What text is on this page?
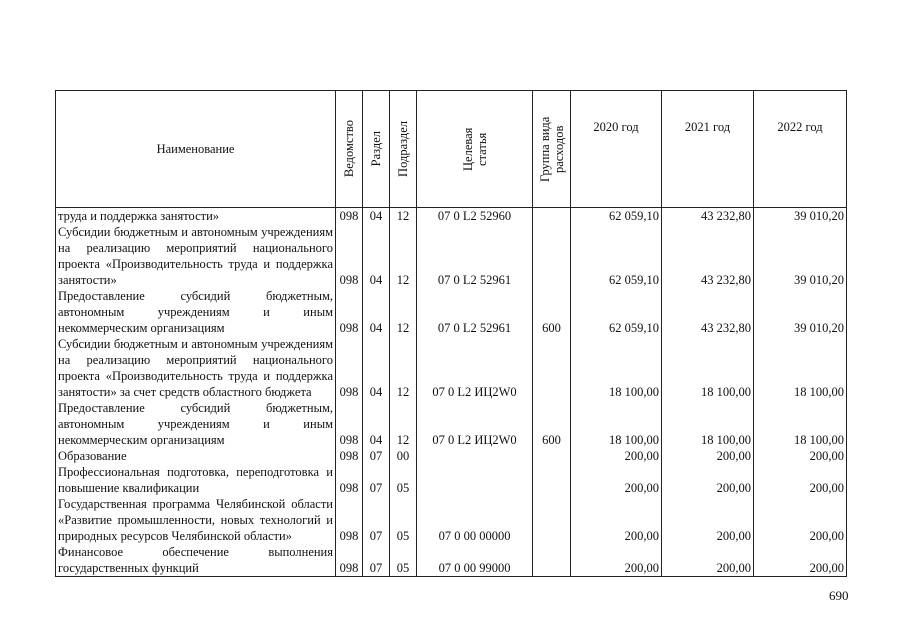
Наименование	Ведомство	Раздел	Подраздел	Целевая статья	Группа вида расходов	2020 год	2021 год	2022 год
труда и поддержка занятости»	098	04	12	07 0 L2 52960		62 059,10	43 232,80	39 010,20
Субсидии бюджетным и автономным учреждениям на реализацию мероприятий национального проекта «Производительность труда и поддержка занятости»	098	04	12	07 0 L2 52961		62 059,10	43 232,80	39 010,20
Предоставление субсидий бюджетным, автономным учреждениям и иным некоммерческим организациям	098	04	12	07 0 L2 52961	600	62 059,10	43 232,80	39 010,20
Субсидии бюджетным и автономным учреждениям на реализацию мероприятий национального проекта «Производительность труда и поддержка занятости» за счет средств областного бюджета	098	04	12	07 0 L2 ИЦ2W0		18 100,00	18 100,00	18 100,00
Предоставление субсидий бюджетным, автономным учреждениям и иным некоммерческим организациям	098	04	12	07 0 L2 ИЦ2W0	600	18 100,00	18 100,00	18 100,00
Образование	098	07	00			200,00	200,00	200,00
Профессиональная подготовка, переподготовка и повышение квалификации	098	07	05			200,00	200,00	200,00
Государственная программа Челябинской области «Развитие промышленности, новых технологий и природных ресурсов Челябинской области»	098	07	05	07 0 00 00000		200,00	200,00	200,00
Финансовое обеспечение выполнения государственных функций	098	07	05	07 0 00 99000		200,00	200,00	200,00
690
